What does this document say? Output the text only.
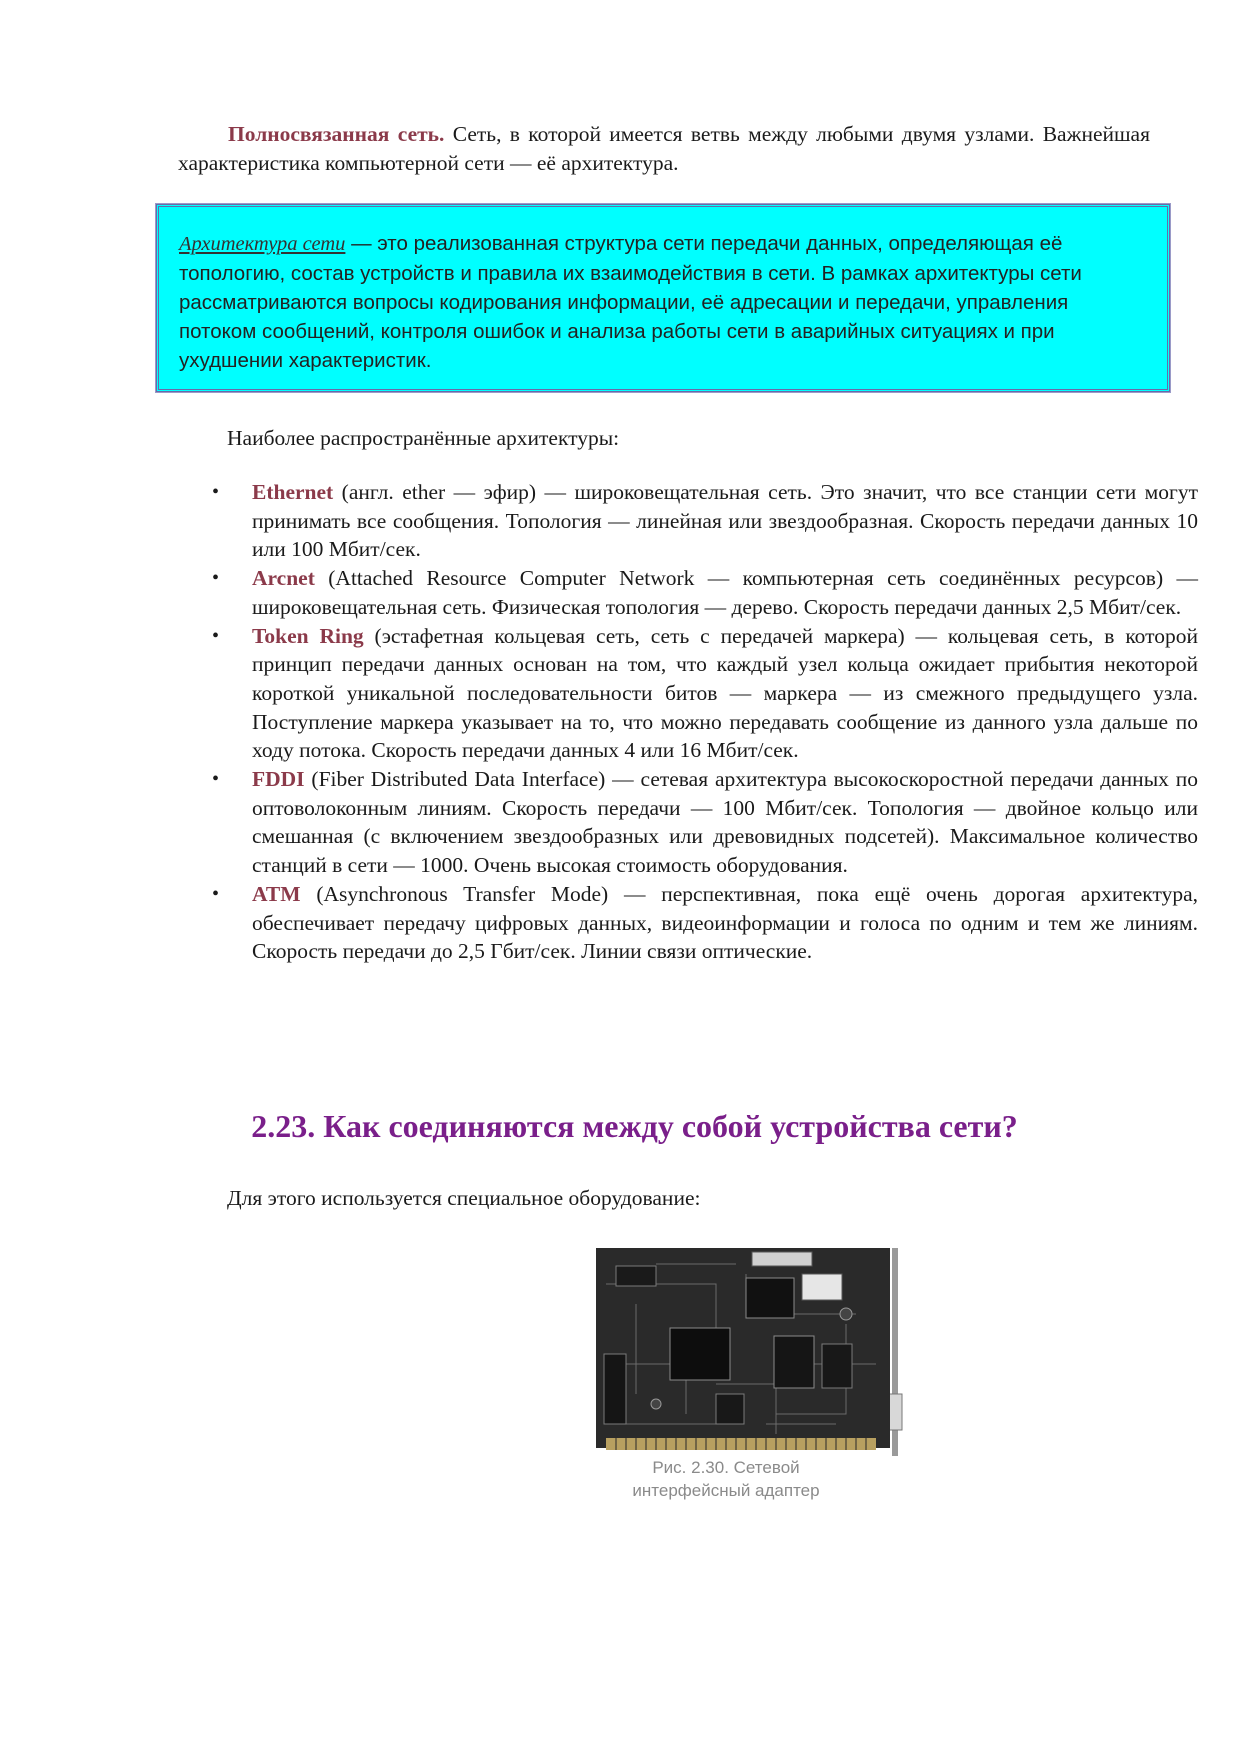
Полносвязанная сеть. Сеть, в которой имеется ветвь между любыми двумя узлами. Важнейшая характеристика компьютерной сети — её архитектура.

Архитектура сети — это реализованная структура сети передачи данных, определяющая её топологию, состав устройств и правила их взаимодействия в сети. В рамках архитектуры сети рассматриваются вопросы кодирования информации, её адресации и передачи, управления потоком сообщений, контроля ошибок и анализа работы сети в аварийных ситуациях и при ухудшении характеристик.

Наиболее распространённые архитектуры:

• Ethernet (англ. ether — эфир) — широковещательная сеть. Это значит, что все станции сети могут принимать все сообщения. Топология — линейная или звездообразная. Скорость передачи данных 10 или 100 Мбит/сек.
• Arcnet (Attached Resource Computer Network — компьютерная сеть соединённых ресурсов) — широковещательная сеть. Физическая топология — дерево. Скорость передачи данных 2,5 Мбит/сек.
• Token Ring (эстафетная кольцевая сеть, сеть с передачей маркера) — кольцевая сеть, в которой принцип передачи данных основан на том, что каждый узел кольца ожидает прибытия некоторой короткой уникальной последовательности битов — маркера — из смежного предыдущего узла. Поступление маркера указывает на то, что можно передавать сообщение из данного узла дальше по ходу потока. Скорость передачи данных 4 или 16 Мбит/сек.
• FDDI (Fiber Distributed Data Interface) — сетевая архитектура высокоскоростной передачи данных по оптоволоконным линиям. Скорость передачи — 100 Мбит/сек. Топология — двойное кольцо или смешанная (с включением звездообразных или древовидных подсетей). Максимальное количество станций в сети — 1000. Очень высокая стоимость оборудования.
• ATM (Asynchronous Transfer Mode) — перспективная, пока ещё очень дорогая архитектура, обеспечивает передачу цифровых данных, видеоинформации и голоса по одним и тем же линиям. Скорость передачи до 2,5 Гбит/сек. Линии связи оптические.
2.23. Как соединяются между собой устройства сети?

Для этого используется специальное оборудование:

Рис. 2.30. Сетевой
интерфейсный адаптер
